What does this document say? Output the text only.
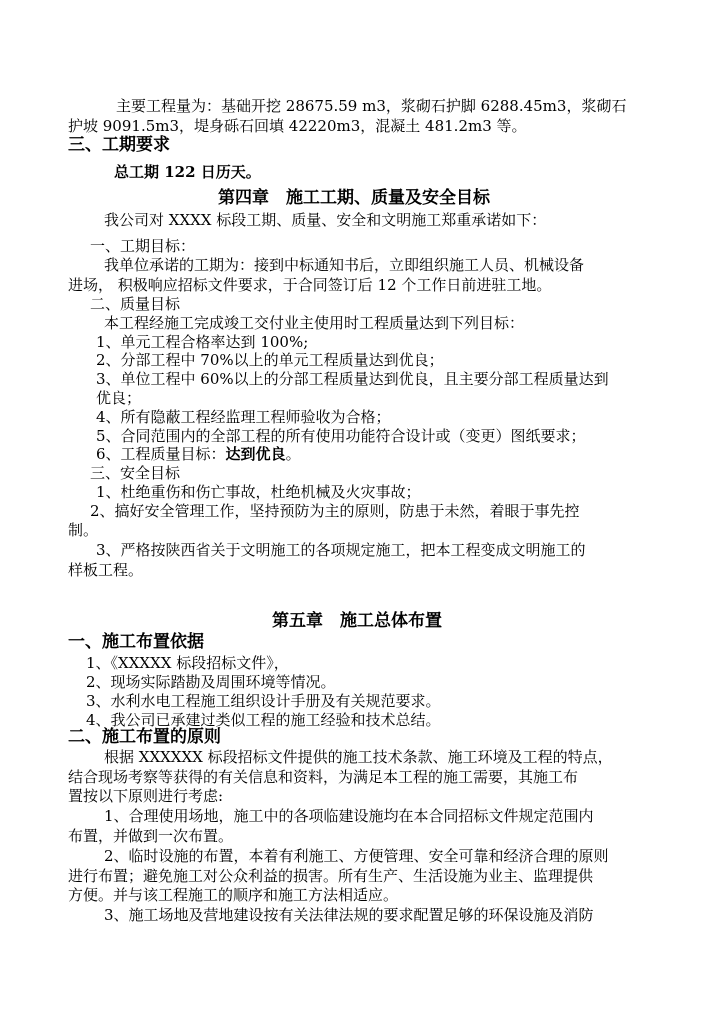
主要工程量为：基础开挖 28675.59 m3，浆砌石护脚 6288.45m3，浆砌石
护坡 9091.5m3，堤身砾石回填 42220m3，混凝土 481.2m3 等。
三、工期要求
总工期 122 日历天。
第四章　施工工期、质量及安全目标
我公司对 XXXX 标段工期、质量、安全和文明施工郑重承诺如下：
一、工期目标：
我单位承诺的工期为：接到中标通知书后，立即组织施工人员、机械设备
进场， 积极响应招标文件要求，于合同签订后 12 个工作日前进驻工地。
二、质量目标
本工程经施工完成竣工交付业主使用时工程质量达到下列目标：
1、单元工程合格率达到 100%;
2、分部工程中 70%以上的单元工程质量达到优良；
3、单位工程中 60%以上的分部工程质量达到优良，且主要分部工程质量达到
优良；
4、所有隐蔽工程经监理工程师验收为合格；
5、合同范围内的全部工程的所有使用功能符合设计或（变更）图纸要求；
6、工程质量目标：达到优良。
三、安全目标
1、杜绝重伤和伤亡事故，杜绝机械及火灾事故；
2、搞好安全管理工作，坚持预防为主的原则，防患于未然，着眼于事先控
制。
3、严格按陕西省关于文明施工的各项规定施工，把本工程变成文明施工的
样板工程。
第五章　施工总体布置
一、施工布置依据
1、《XXXXX 标段招标文件》，
2、现场实际踏勘及周围环境等情况。
3、水利水电工程施工组织设计手册及有关规范要求。
4、我公司已承建过类似工程的施工经验和技术总结。
二、施工布置的原则
根据 XXXXXX 标段招标文件提供的施工技术条款、施工环境及工程的特点，
结合现场考察等获得的有关信息和资料，为满足本工程的施工需要，其施工布
置按以下原则进行考虑:
1、合理使用场地，施工中的各项临建设施均在本合同招标文件规定范围内
布置，并做到一次布置。
2、临时设施的布置，本着有利施工、方便管理、安全可靠和经济合理的原则
进行布置；避免施工对公众利益的损害。所有生产、生活设施为业主、监理提供
方便。并与该工程施工的顺序和施工方法相适应。
3、施工场地及营地建设按有关法律法规的要求配置足够的环保设施及消防
